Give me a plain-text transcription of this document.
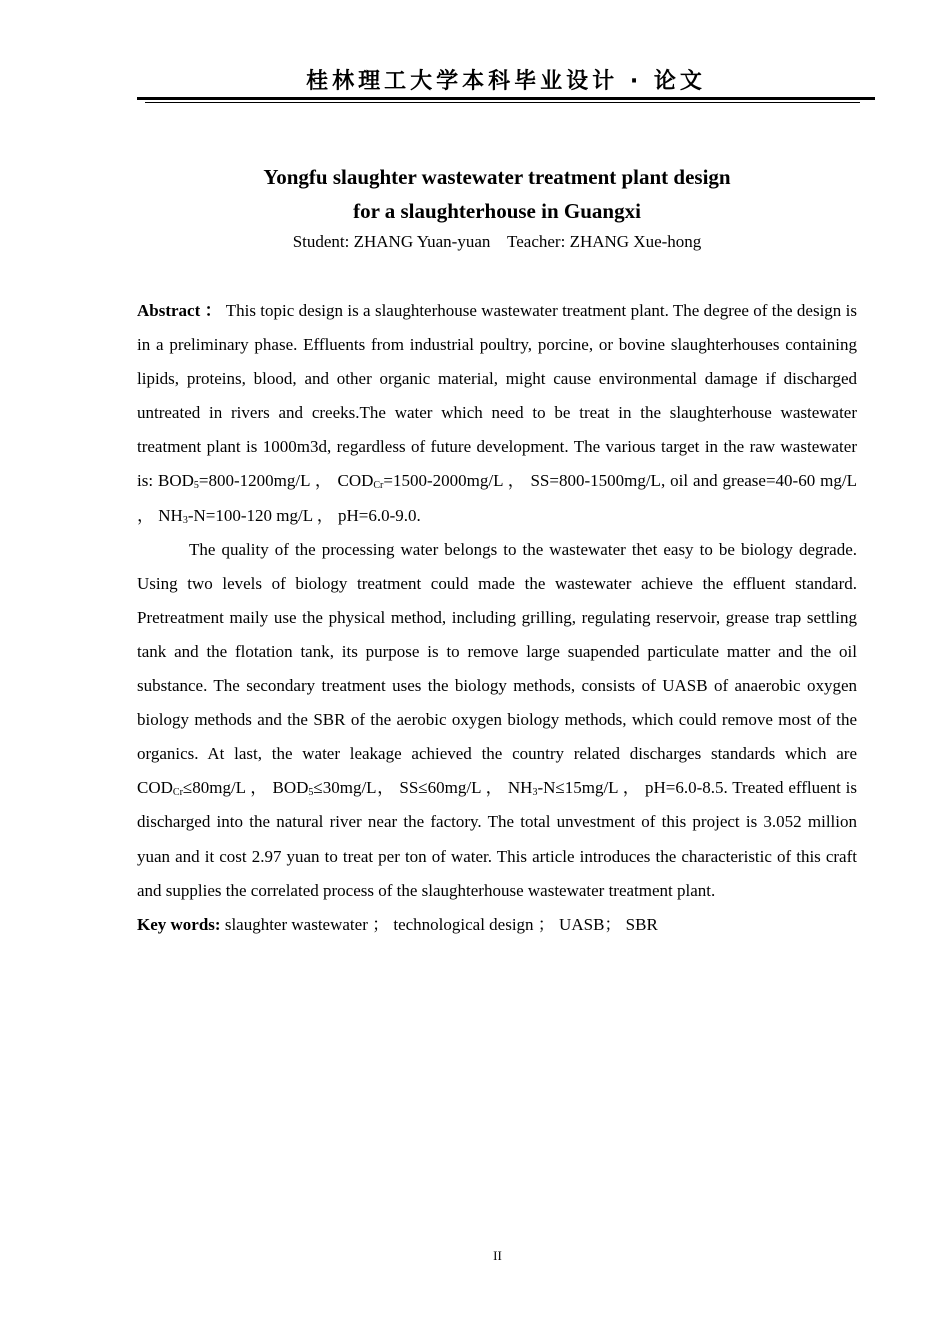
桂林理工大学本科毕业设计 · 论文
Yongfu slaughter wastewater treatment plant design
for a slaughterhouse in Guangxi
Student: ZHANG Yuan-yuan    Teacher: ZHANG Xue-hong

Abstract ： This topic design is a slaughterhouse wastewater treatment plant. The degree of the design is in a preliminary phase. Effluents from industrial poultry, porcine, or bovine slaughterhouses containing lipids, proteins, blood, and other organic material, might cause environmental damage if discharged untreated in rivers and creeks.The water which need to be treat in the slaughterhouse wastewater treatment plant is 1000m3d, regardless of future development. The various target in the raw wastewater is: $BOD_5=800-1200mg/L$ ， $COD_{Cr}=1500-2000mg/L$ ， SS=800-1500mg/L, oil and grease=40-60 mg/L ， $NH_3-N=100-120$ mg/L ， pH=6.0-9.0.

The quality of the processing water belongs to the wastewater thet easy to be biology degrade. Using two levels of biology treatment could made the wastewater achieve the effluent standard. Pretreatment maily use the physical method, including grilling, regulating reservoir, grease trap settling tank and the flotation tank, its purpose is to remove large suapended particulate matter and the oil substance. The secondary treatment uses the biology methods, consists of UASB of anaerobic oxygen biology methods and the SBR of the aerobic oxygen biology methods, which could remove most of the organics. At last, the water leakage achieved the country related discharges standards which are $COD_{Cr}\le 80mg/L$ ， $BOD_5\le 30mg/L$， SS≤60mg/L ， $NH_3-N\le 15mg/L$ ， pH=6.0-8.5. Treated effluent is discharged into the natural river near the factory. The total unvestment of this project is 3.052 million yuan and it cost 2.97 yuan to treat per ton of water. This article introduces the characteristic of this craft and supplies the correlated process of the slaughterhouse wastewater treatment plant.

Key words: slaughter wastewater ； technological design ； UASB； SBR

II
